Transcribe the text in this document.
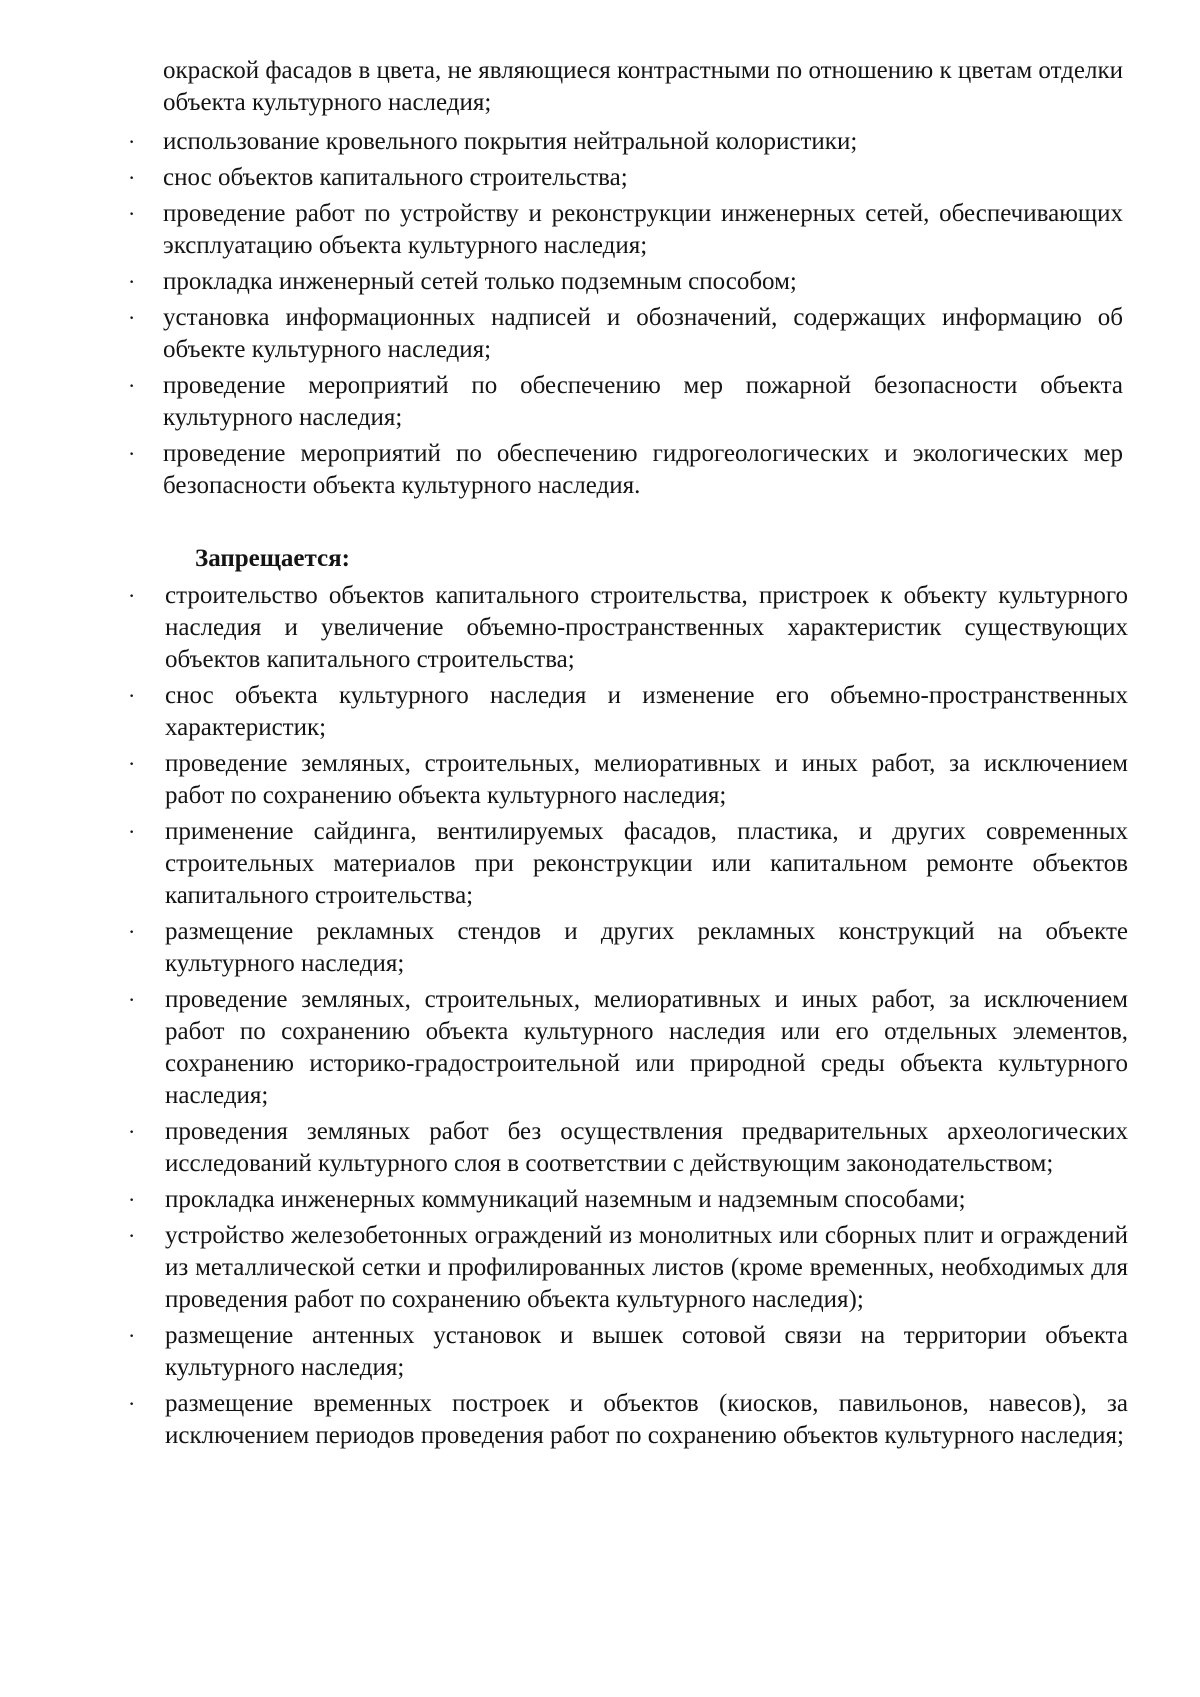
окраской фасадов в цвета, не являющиеся контрастными по отношению к цветам отделки объекта культурного наследия;

· использование кровельного покрытия нейтральной колористики;
· снос объектов капитального строительства;
· проведение работ по устройству и реконструкции инженерных сетей, обеспечивающих эксплуатацию объекта культурного наследия;
· прокладка инженерный сетей только подземным способом;
· установка информационных надписей и обозначений, содержащих информацию об объекте культурного наследия;
· проведение мероприятий по обеспечению мер пожарной безопасности объекта культурного наследия;
· проведение мероприятий по обеспечению гидрогеологических и экологических мер безопасности объекта культурного наследия.

Запрещается:

· строительство объектов капитального строительства, пристроек к объекту культурного наследия и увеличение объемно-пространственных характеристик существующих объектов капитального строительства;
· снос объекта культурного наследия и изменение его объемно-пространственных характеристик;
· проведение земляных, строительных, мелиоративных и иных работ, за исключением работ по сохранению объекта культурного наследия;
· применение сайдинга, вентилируемых фасадов, пластика, и других современных строительных материалов при реконструкции или капитальном ремонте объектов капитального строительства;
· размещение рекламных стендов и других рекламных конструкций на объекте культурного наследия;
· проведение земляных, строительных, мелиоративных и иных работ, за исключением работ по сохранению объекта культурного наследия или его отдельных элементов, сохранению историко-градостроительной или природной среды объекта культурного наследия;
· проведения земляных работ без осуществления предварительных археологических исследований культурного слоя в соответствии с действующим законодательством;
· прокладка инженерных коммуникаций наземным и надземным способами;
· устройство железобетонных ограждений из монолитных или сборных плит и ограждений из металлической сетки и профилированных листов (кроме временных, необходимых для проведения работ по сохранению объекта культурного наследия);
· размещение антенных установок и вышек сотовой связи на территории объекта культурного наследия;
· размещение временных построек и объектов (киосков, павильонов, навесов), за исключением периодов проведения работ по сохранению объектов культурного наследия;
